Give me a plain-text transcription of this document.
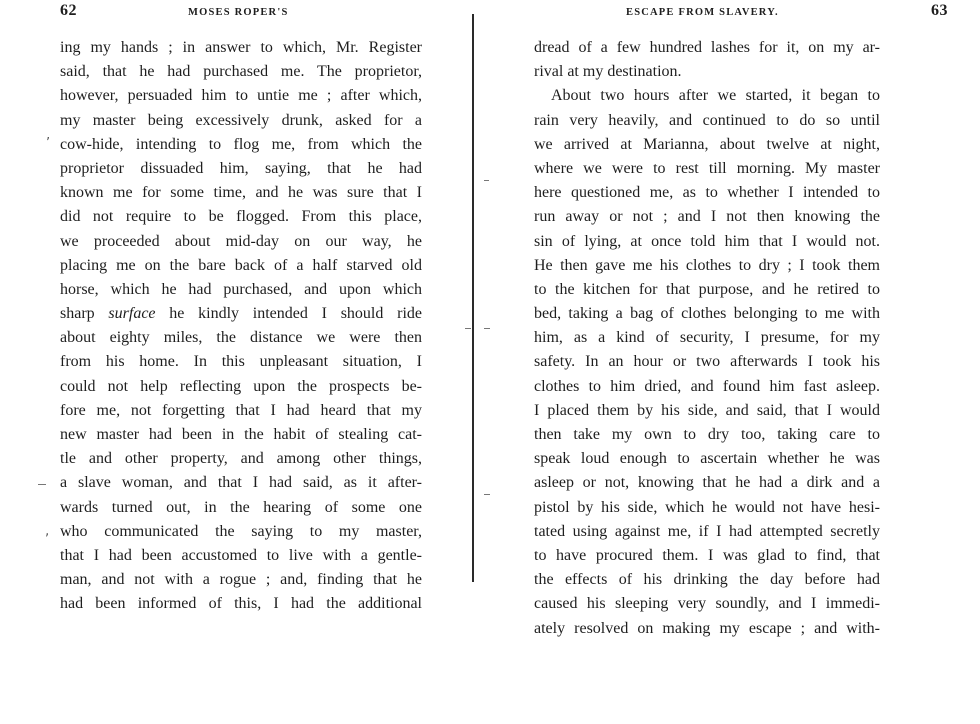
62	MOSES ROPER'S
ing my hands ; in answer to which, Mr. Register
said, that he had purchased me. The proprietor,
however, persuaded him to untie me ; after which,
my master being excessively drunk, asked for a
cow-hide, intending to flog me, from which the
proprietor dissuaded him, saying, that he had
known me for some time, and he was sure that I
did not require to be flogged. From this place,
we proceeded about mid-day on our way, he
placing me on the bare back of a half starved old
horse, which he had purchased, and upon which
sharp surface he kindly intended I should ride
about eighty miles, the distance we were then
from his home. In this unpleasant situation, I
could not help reflecting upon the prospects be-
fore me, not forgetting that I had heard that my
new master had been in the habit of stealing cat-
tle and other property, and among other things,
a slave woman, and that I had said, as it after-
wards turned out, in the hearing of some one
who communicated the saying to my master,
that I had been accustomed to live with a gentle-
man, and not with a rogue ; and, finding that he
had been informed of this, I had the additional
ESCAPE FROM SLAVERY.	63
dread of a few hundred lashes for it, on my ar-
rival at my destination.
About two hours after we started, it began to
rain very heavily, and continued to do so until
we arrived at Marianna, about twelve at night,
where we were to rest till morning. My master
here questioned me, as to whether I intended to
run away or not ; and I not then knowing the
sin of lying, at once told him that I would not.
He then gave me his clothes to dry ; I took them
to the kitchen for that purpose, and he retired to
bed, taking a bag of clothes belonging to me with
him, as a kind of security, I presume, for my
safety. In an hour or two afterwards I took his
clothes to him dried, and found him fast asleep.
I placed them by his side, and said, that I would
then take my own to dry too, taking care to
speak loud enough to ascertain whether he was
asleep or not, knowing that he had a dirk and a
pistol by his side, which he would not have hesi-
tated using against me, if I had attempted secretly
to have procured them. I was glad to find, that
the effects of his drinking the day before had
caused his sleeping very soundly, and I immedi-
ately resolved on making my escape ; and with-
’
‚
